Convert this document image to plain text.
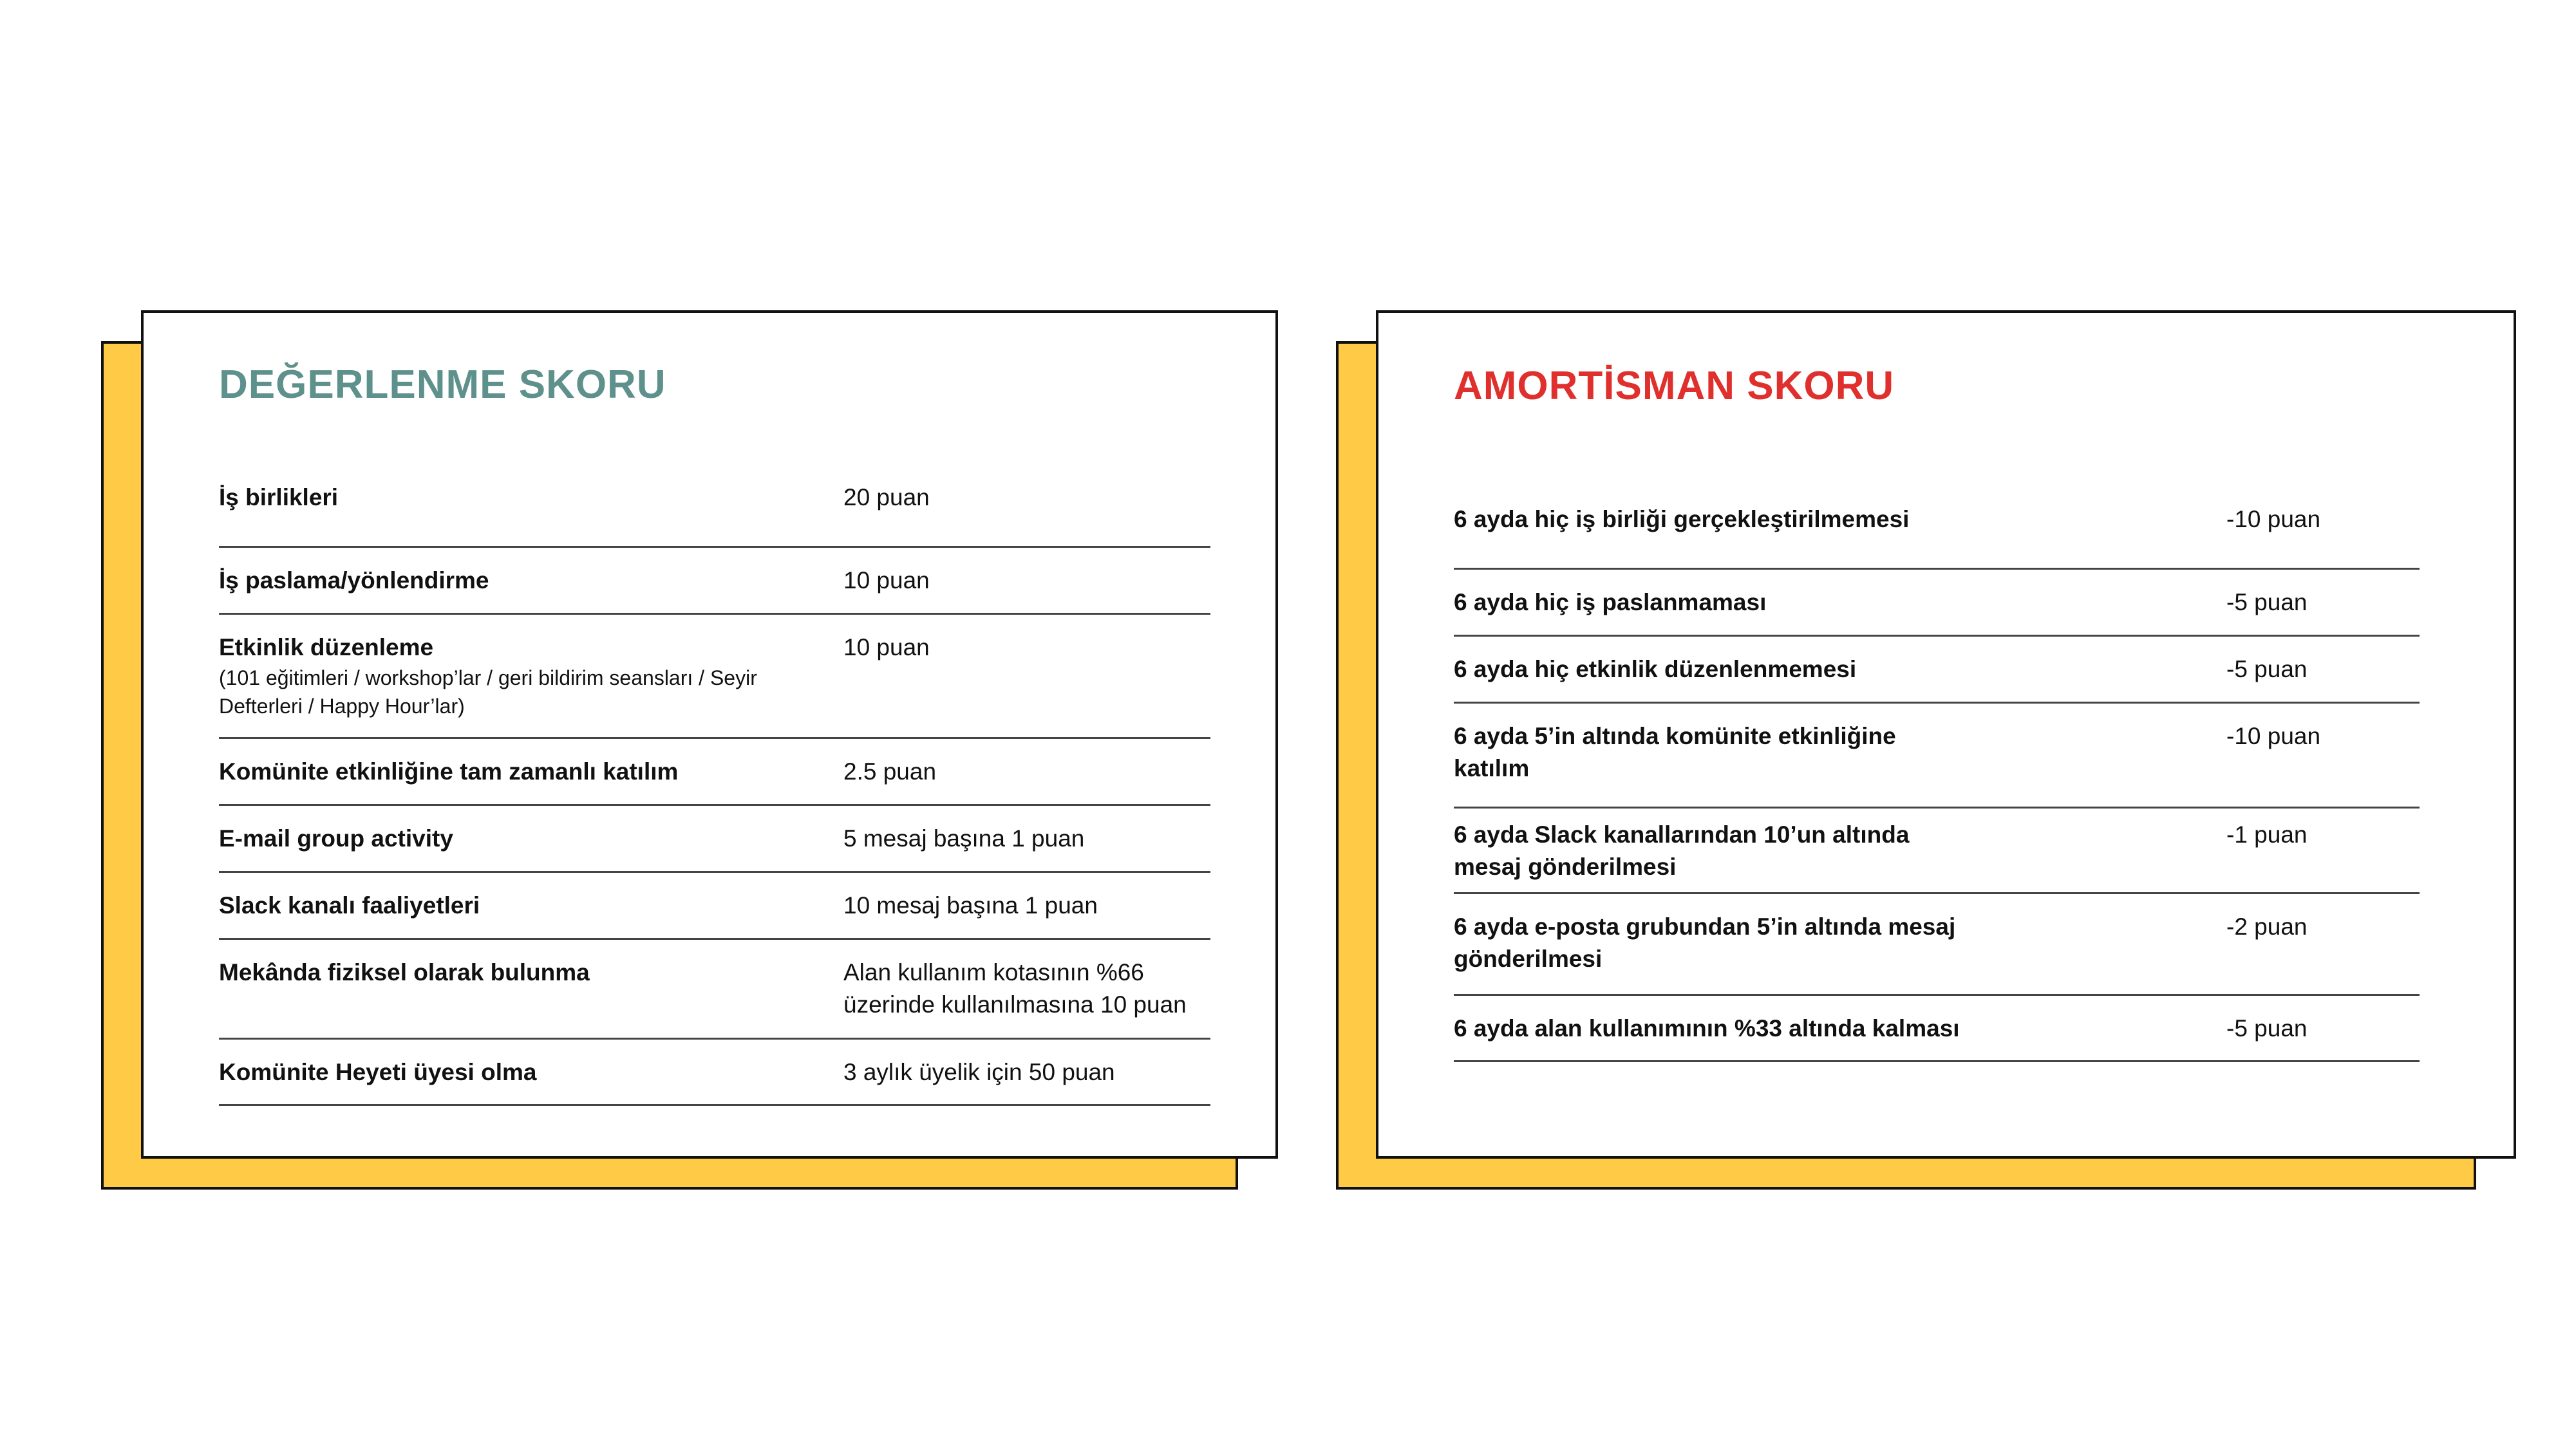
DEĞERLENME SKORU
İş birlikleri	20 puan

İş paslama/yönlendirme	10 puan

Etkinlik düzenleme
(101 eğitimleri / workshop’lar / geri bildirim seansları / Seyir Defterleri / Happy Hour’lar)	10 puan

Komünite etkinliğine tam zamanlı katılım	2.5 puan

E-mail group activity	5 mesaj başına 1 puan

Slack kanalı faaliyetleri	10 mesaj başına 1 puan

Mekânda fiziksel olarak bulunma	Alan kullanım kotasının %66 üzerinde kullanılmasına 10 puan

Komünite Heyeti üyesi olma	3 aylık üyelik için 50 puan
AMORTİSMAN SKORU
6 ayda hiç iş birliği gerçekleştirilmemesi	-10 puan

6 ayda hiç iş paslanmaması	-5 puan

6 ayda hiç etkinlik düzenlenmemesi	-5 puan

6 ayda 5’in altında komünite etkinliğine katılım	-10 puan

6 ayda Slack kanallarından 10’un altında mesaj gönderilmesi	-1 puan

6 ayda e-posta grubundan 5’in altında mesaj gönderilmesi	-2 puan

6 ayda alan kullanımının %33 altında kalması	-5 puan
